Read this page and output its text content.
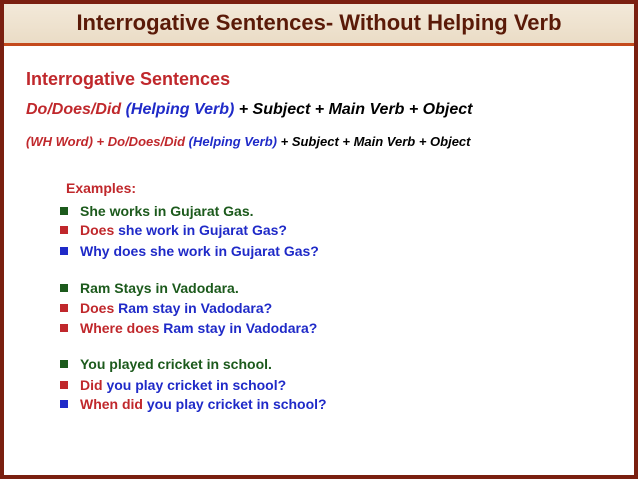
Interrogative Sentences- Without Helping Verb
Interrogative Sentences
Do/Does/Did (Helping Verb) + Subject + Main Verb + Object
(WH Word) + Do/Does/Did (Helping Verb) + Subject + Main Verb + Object
Examples:
She works in Gujarat Gas.
Does she work in Gujarat Gas?
Why does she work in Gujarat Gas?
Ram Stays in Vadodara.
Does Ram stay in Vadodara?
Where does Ram stay in Vadodara?
You played cricket in school.
Did you play cricket in school?
When did you play cricket in school?
